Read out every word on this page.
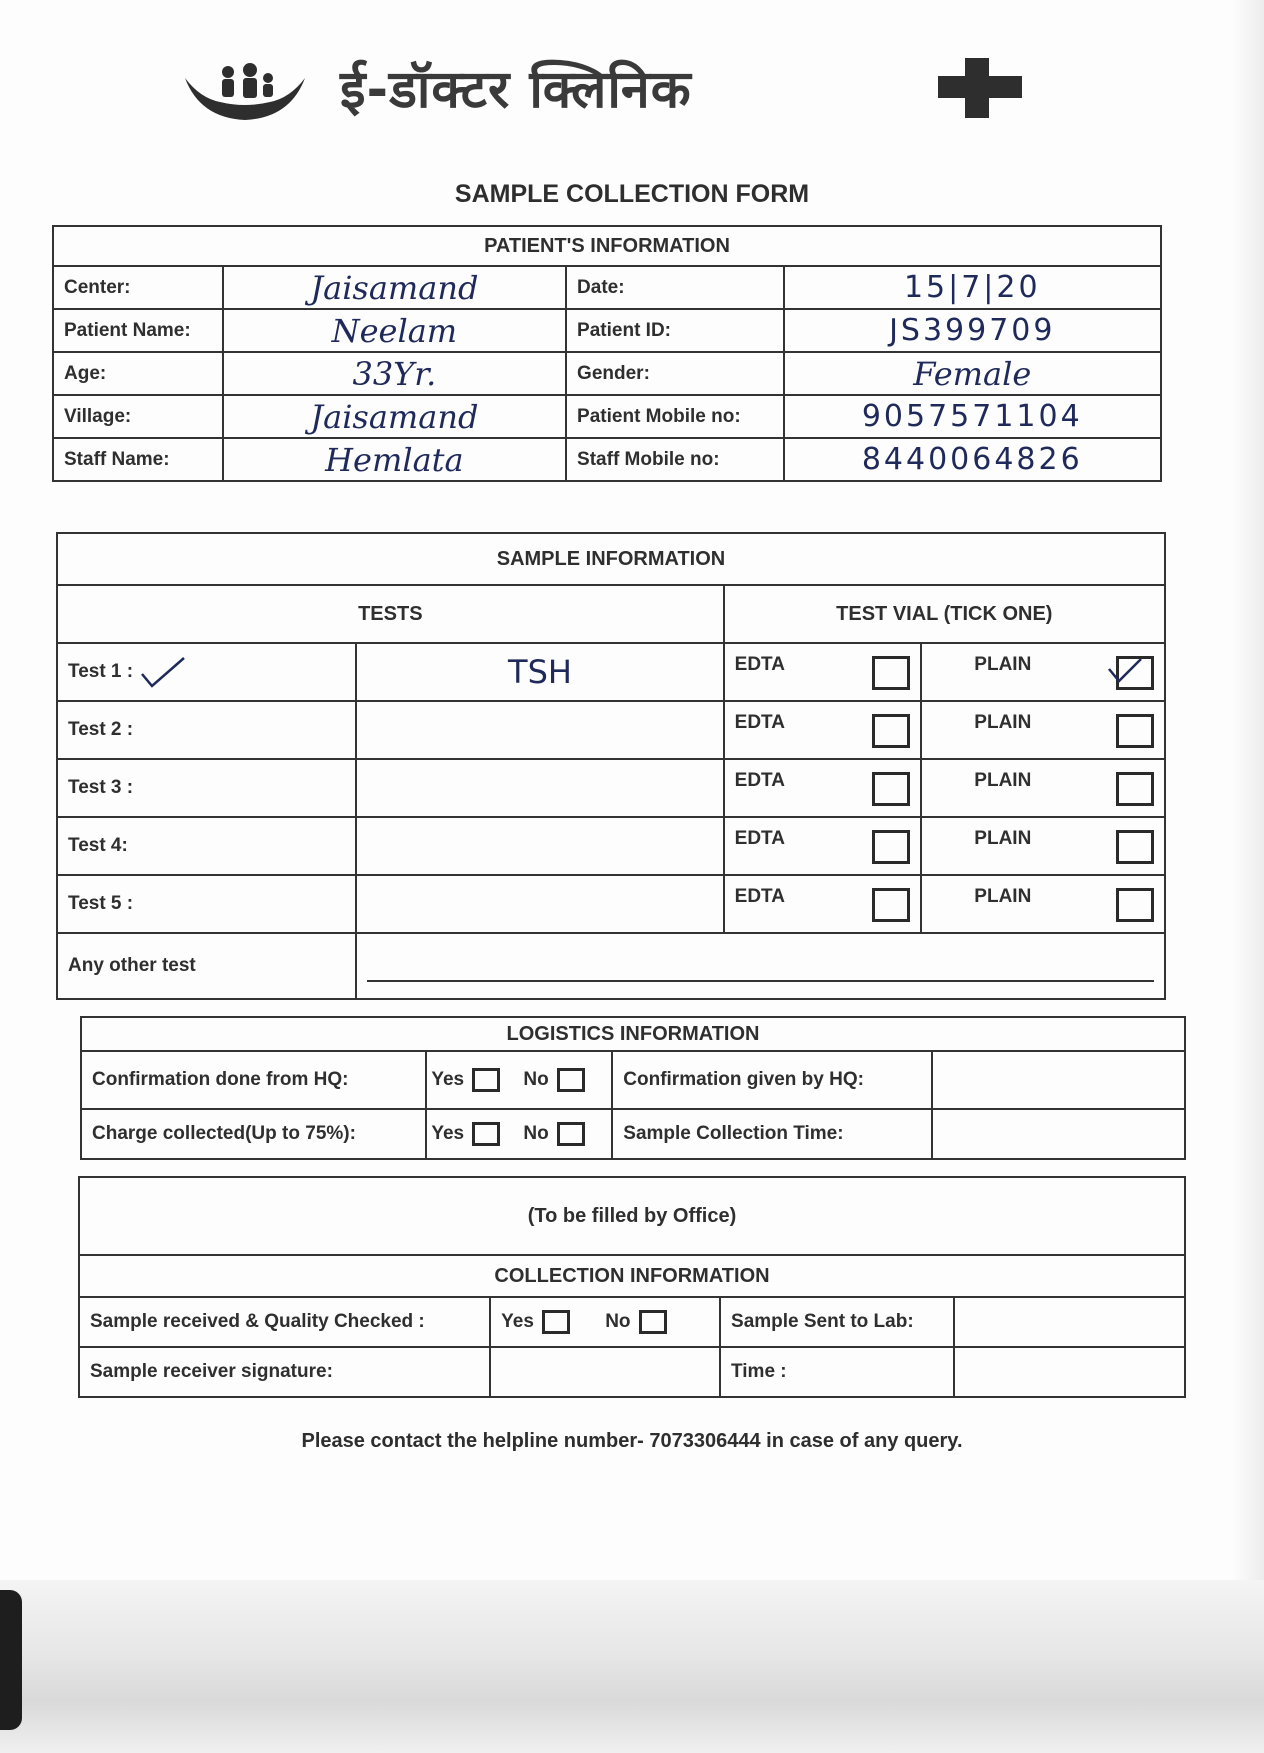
ई-डॉक्टर क्लिनिक
SAMPLE COLLECTION FORM
PATIENT'S INFORMATION			
Center:	Jaisamand	Date:	15|7|20
Patient Name:	Neelam	Patient ID:	JS399709
Age:	33Yr.	Gender:	Female
Village:	Jaisamand	Patient Mobile no:	9057571104
Staff Name:	Hemlata	Staff Mobile no:	8440064826
SAMPLE INFORMATION			
TESTS		TEST VIAL (TICK ONE)	
Test 1 :	TSH	EDTA	PLAIN

Test 2 :		EDTA	PLAIN

Test 3 :		EDTA	PLAIN

Test 4:		EDTA	PLAIN

Test 5 :		EDTA	PLAIN

Any other test			
LOGISTICS INFORMATION			
Confirmation done from HQ:	Yes No	Confirmation given by HQ:	
Charge collected(Up to 75%):	Yes No	Sample Collection Time:	
(To be filled by Office)			
COLLECTION INFORMATION			
Sample received & Quality Checked :	Yes No	Sample Sent to Lab:	
Sample receiver signature:		Time :	
Please contact the helpline number- 7073306444 in case of any query.
